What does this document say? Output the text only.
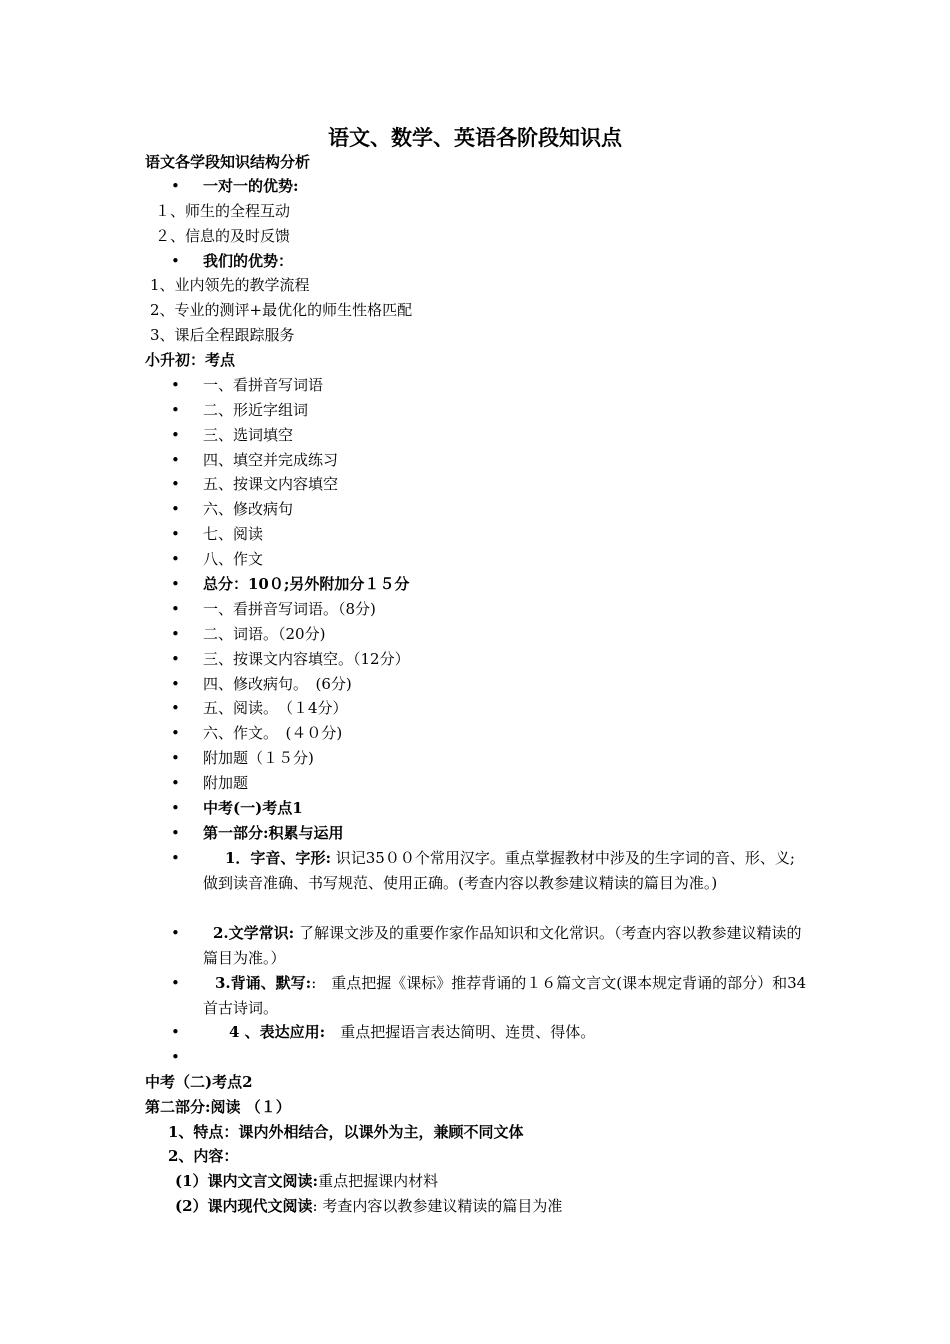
语文、数学、英语各阶段知识点
语文各学段知识结构分析
• 一对一的优势:
１、师生的全程互动
２、信息的及时反馈
• 我们的优势：
1、业内领先的教学流程
2、专业的测评+最优化的师生性格匹配
3、课后全程跟踪服务
小升初：考点
• 一、看拼音写词语
• 二、形近字组词
• 三、选词填空
• 四、填空并完成练习
• 五、按课文内容填空
• 六、修改病句
• 七、阅读
• 八、作文
• 总分：10０;另外附加分１５分
• 一、看拼音写词语。（8分)
• 二、词语。（20分)
• 三、按课文内容填空。（12分）
• 四、修改病句。　(6分)
• 五、阅读。　（１4分）
• 六、作文。　(４０分)
• 附加题（１５分)
• 附加题
• 中考(一)考点1
• 第一部分:积累与运用
•	1．字音、字形: 识记35００个常用汉字。重点掌握教材中涉及的生字词的音、形、义;做到读音准确、书写规范、使用正确。(考查内容以教参建议精读的篇目为准。)
•	2.文学常识: 了解课文涉及的重要作家作品知识和文化常识。（考查内容以教参建议精读的篇目为准。）
•	3.背诵、默写::　重点把握《课标》推荐背诵的１６篇文言文(课本规定背诵的部分）和34首古诗词。
•	4 、表达应用:　重点把握语言表达简明、连贯、得体。
•
中考（二)考点2
第二部分:阅读 （１）
1、特点：课内外相结合，以课外为主，兼顾不同文体
2、内容：
(1）课内文言文阅读:重点把握课内材料
(2）课内现代文阅读: 考查内容以教参建议精读的篇目为准
